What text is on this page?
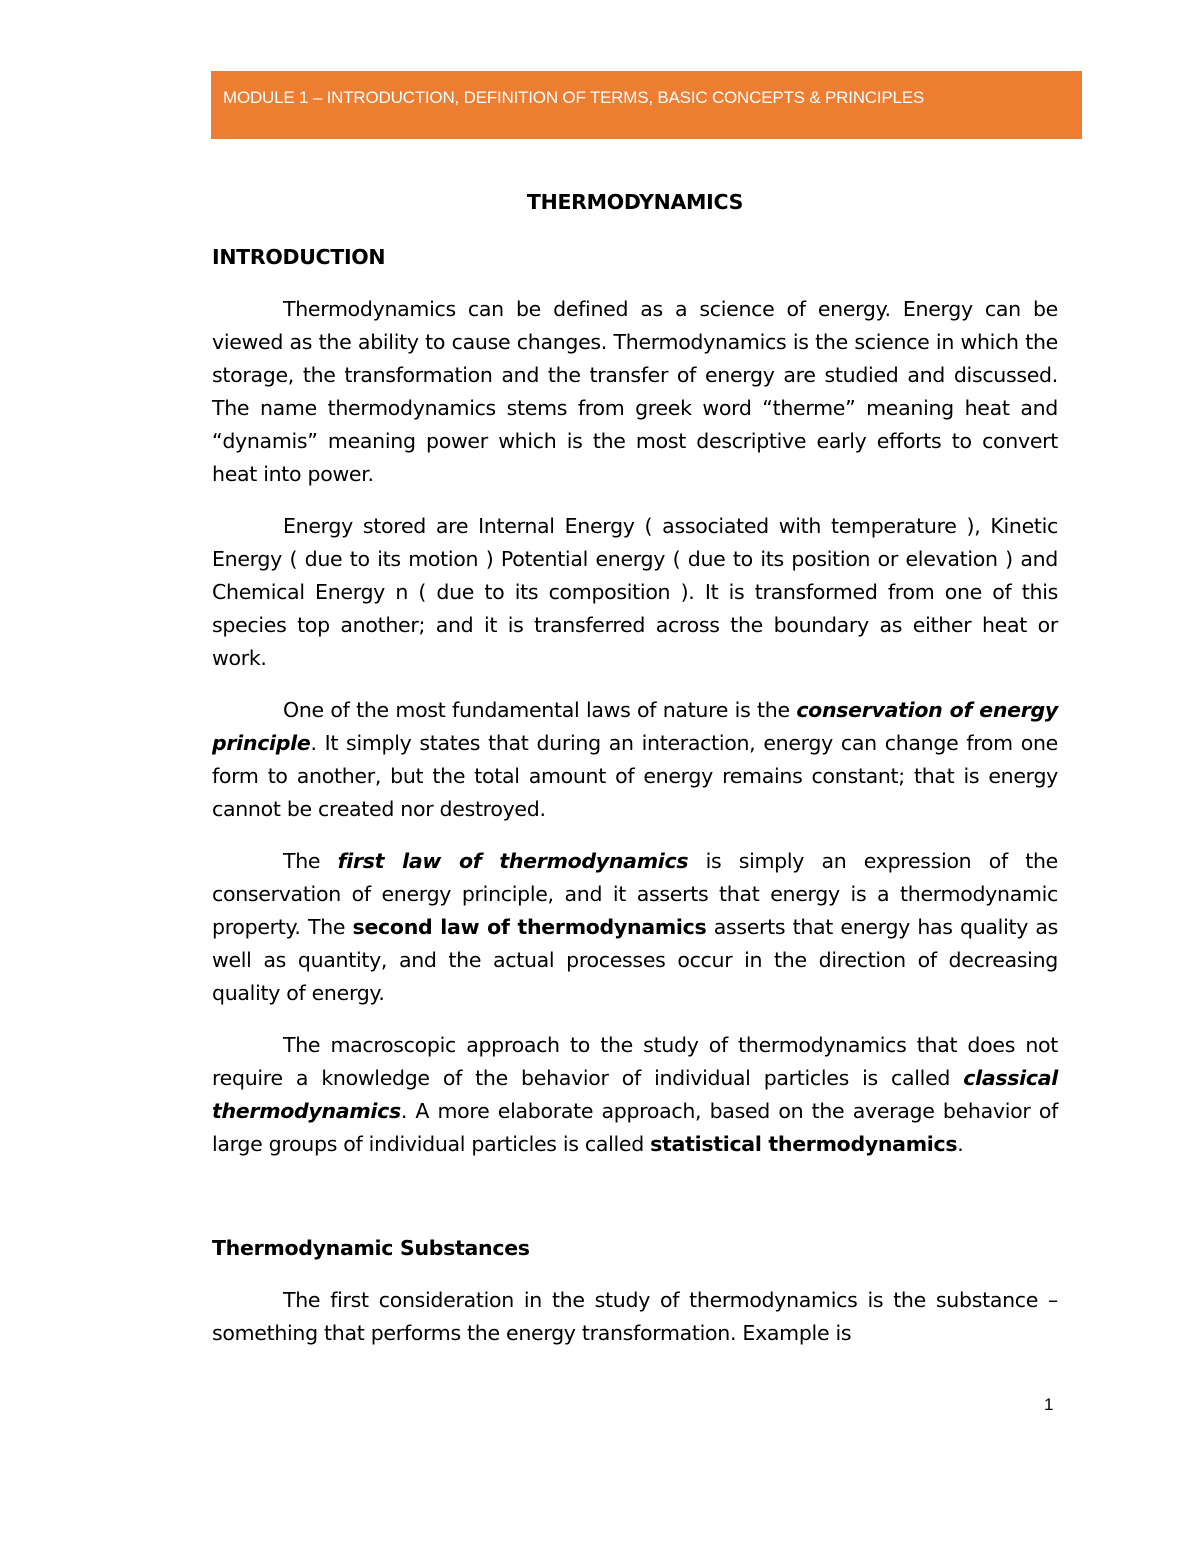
MODULE 1 – INTRODUCTION, DEFINITION OF TERMS, BASIC CONCEPTS & PRINCIPLES
THERMODYNAMICS
INTRODUCTION

Thermodynamics can be defined as a science of energy. Energy can be viewed as the ability to cause changes. Thermodynamics is the science in which the storage, the transformation and the transfer of energy are studied and discussed. The name thermodynamics stems from greek word “therme” meaning heat and “dynamis” meaning power which is the most descriptive early efforts to convert heat into power.

Energy stored are Internal Energy ( associated with temperature ), Kinetic Energy ( due to its motion ) Potential energy ( due to its position or elevation ) and Chemical Energy n ( due to its composition ). It is transformed from one of this species top another; and it is transferred across the boundary as either heat or work.

One of the most fundamental laws of nature is the conservation of energy principle. It simply states that during an interaction, energy can change from one form to another, but the total amount of energy remains constant; that is energy cannot be created nor destroyed.

The first law of thermodynamics is simply an expression of the conservation of energy principle, and it asserts that energy is a thermodynamic property. The second law of thermodynamics asserts that energy has quality as well as quantity, and the actual processes occur in the direction of decreasing quality of energy.

The macroscopic approach to the study of thermodynamics that does not require a knowledge of the behavior of individual particles is called classical thermodynamics. A more elaborate approach, based on the average behavior of large groups of individual particles is called statistical thermodynamics.

Thermodynamic Substances

The first consideration in the study of thermodynamics is the substance – something that performs the energy transformation. Example is

1
